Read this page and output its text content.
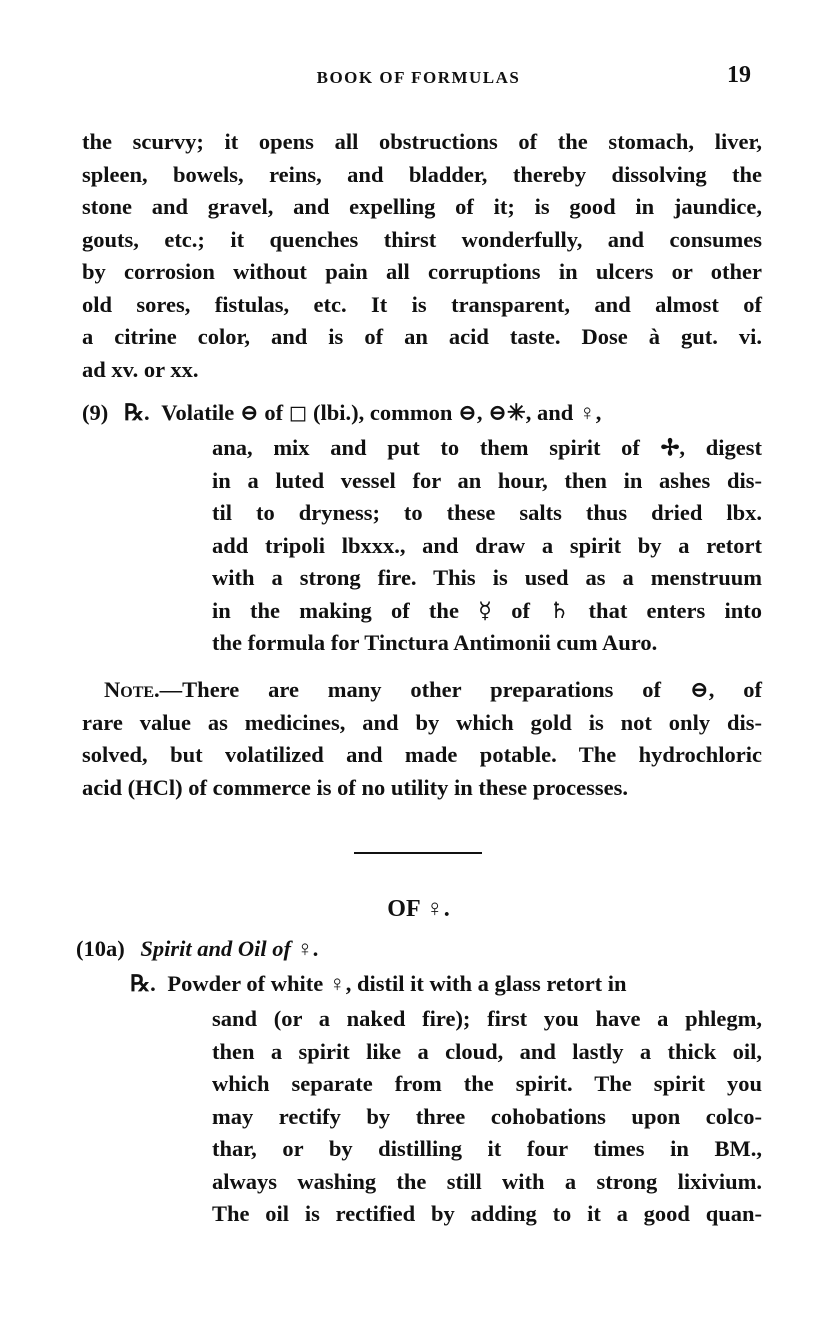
BOOK OF FORMULAS	19
the scurvy; it opens all obstructions of the stomach, liver,
spleen, bowels, reins, and bladder, thereby dissolving the
stone and gravel, and expelling of it; is good in jaundice,
gouts, etc.; it quenches thirst wonderfully, and consumes
by corrosion without pain all corruptions in ulcers or other
old sores, fistulas, etc. It is transparent, and almost of
a citrine color, and is of an acid taste. Dose à gut. vi.
ad xv. or xx.
(9) ℞. Volatile ⊖ of ◻ (lbi.), common ⊖, ⊖✳, and ♀,
ana, mix and put to them spirit of ✢, digest
in a luted vessel for an hour, then in ashes dis-
til to dryness; to these salts thus dried lbx.
add tripoli lbxxx., and draw a spirit by a retort
with a strong fire. This is used as a menstruum
in the making of the ☿ of ♄ that enters into
the formula for Tinctura Antimonii cum Auro.
Note.—There are many other preparations of ⊖, of
rare value as medicines, and by which gold is not only dis-
solved, but volatilized and made potable. The hydrochloric
acid (HCl) of commerce is of no utility in these processes.
OF ♀.
(10a) Spirit and Oil of ♀.
℞. Powder of white ♀, distil it with a glass retort in
sand (or a naked fire); first you have a phlegm,
then a spirit like a cloud, and lastly a thick oil,
which separate from the spirit. The spirit you
may rectify by three cohobations upon colco-
thar, or by distilling it four times in BM.,
always washing the still with a strong lixivium.
The oil is rectified by adding to it a good quan-
